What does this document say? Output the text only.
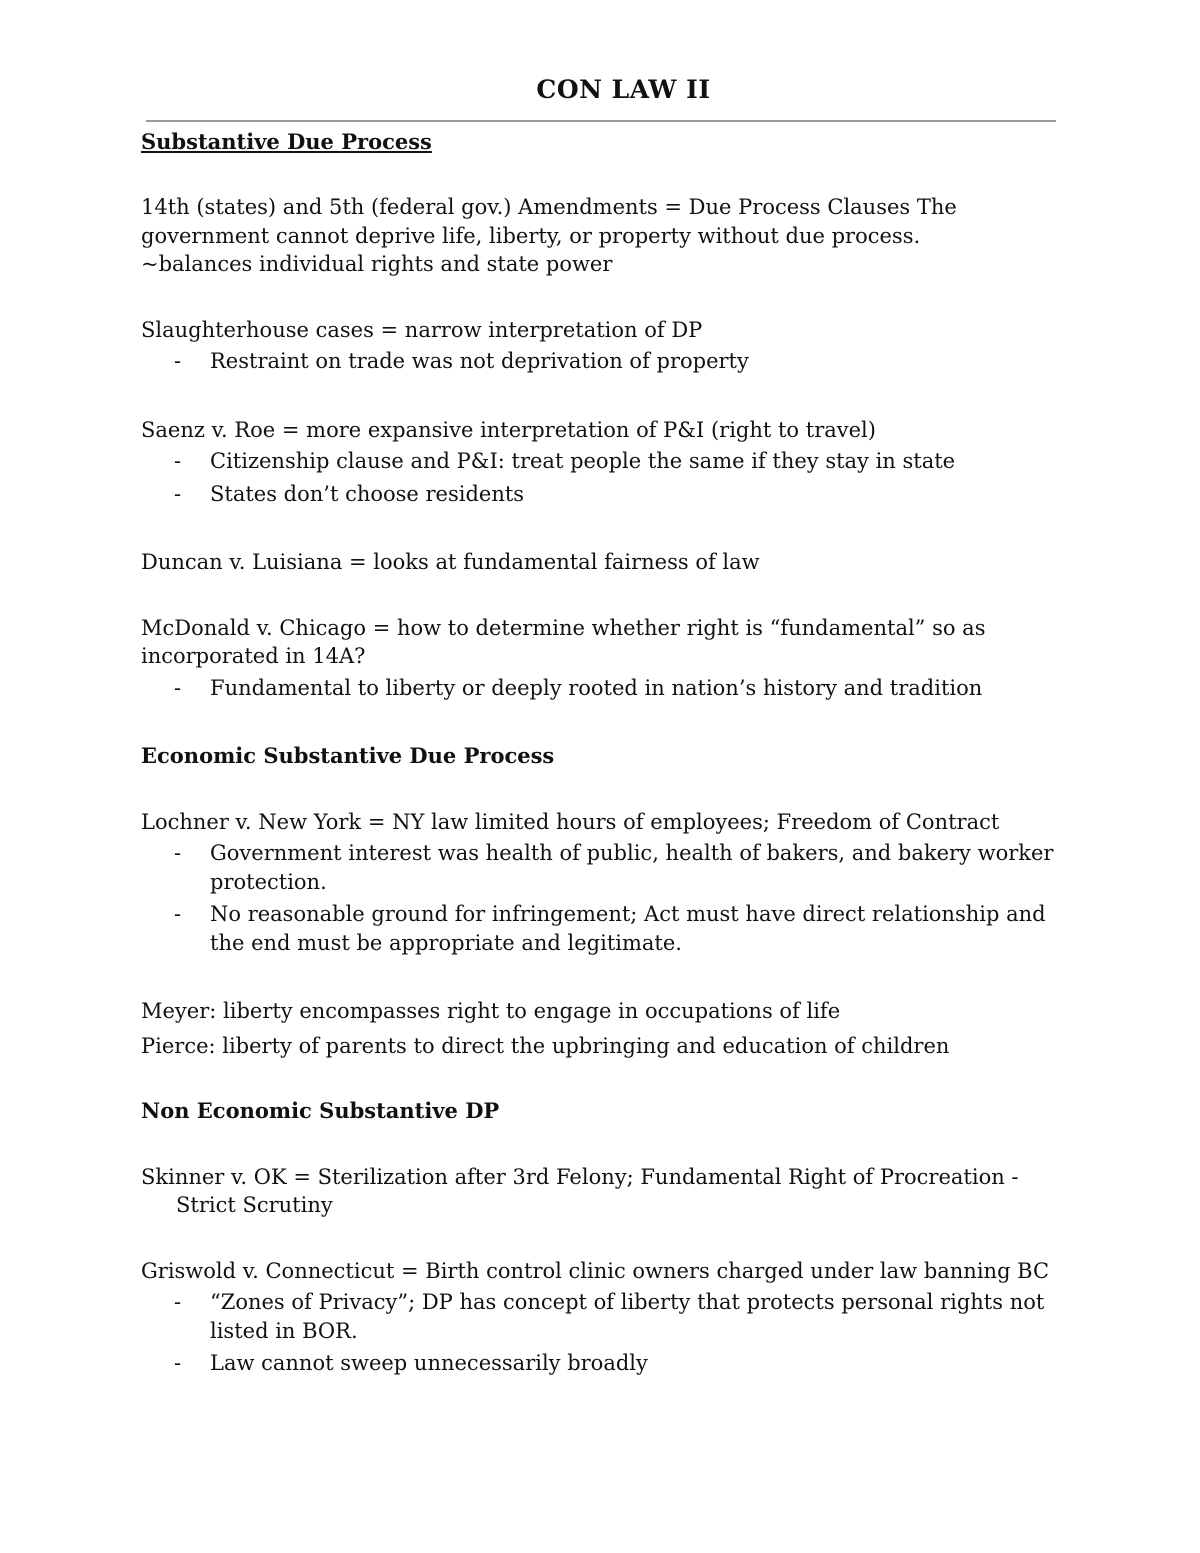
CON LAW II

Substantive Due Process

14th (states) and 5th (federal gov.) Amendments = Due Process Clauses The government cannot deprive life, liberty, or property without due process.

~balances individual rights and state power

Slaughterhouse cases = narrow interpretation of DP

- Restraint on trade was not deprivation of property

Saenz v. Roe = more expansive interpretation of P&I (right to travel)

- Citizenship clause and P&I: treat people the same if they stay in state
- States don’t choose residents

Duncan v. Luisiana = looks at fundamental fairness of law

McDonald v. Chicago = how to determine whether right is “fundamental” so as incorporated in 14A?

- Fundamental to liberty or deeply rooted in nation’s history and tradition

Economic Substantive Due Process

Lochner v. New York = NY law limited hours of employees; Freedom of Contract

- Government interest was health of public, health of bakers, and bakery worker protection.
- No reasonable ground for infringement; Act must have direct relationship and the end must be appropriate and legitimate.

Meyer: liberty encompasses right to engage in occupations of life

Pierce: liberty of parents to direct the upbringing and education of children

Non Economic Substantive DP

Skinner v. OK = Sterilization after 3rd Felony; Fundamental Right of Procreation - Strict Scrutiny

Griswold v. Connecticut = Birth control clinic owners charged under law banning BC

- “Zones of Privacy”; DP has concept of liberty that protects personal rights not listed in BOR.
- Law cannot sweep unnecessarily broadly
